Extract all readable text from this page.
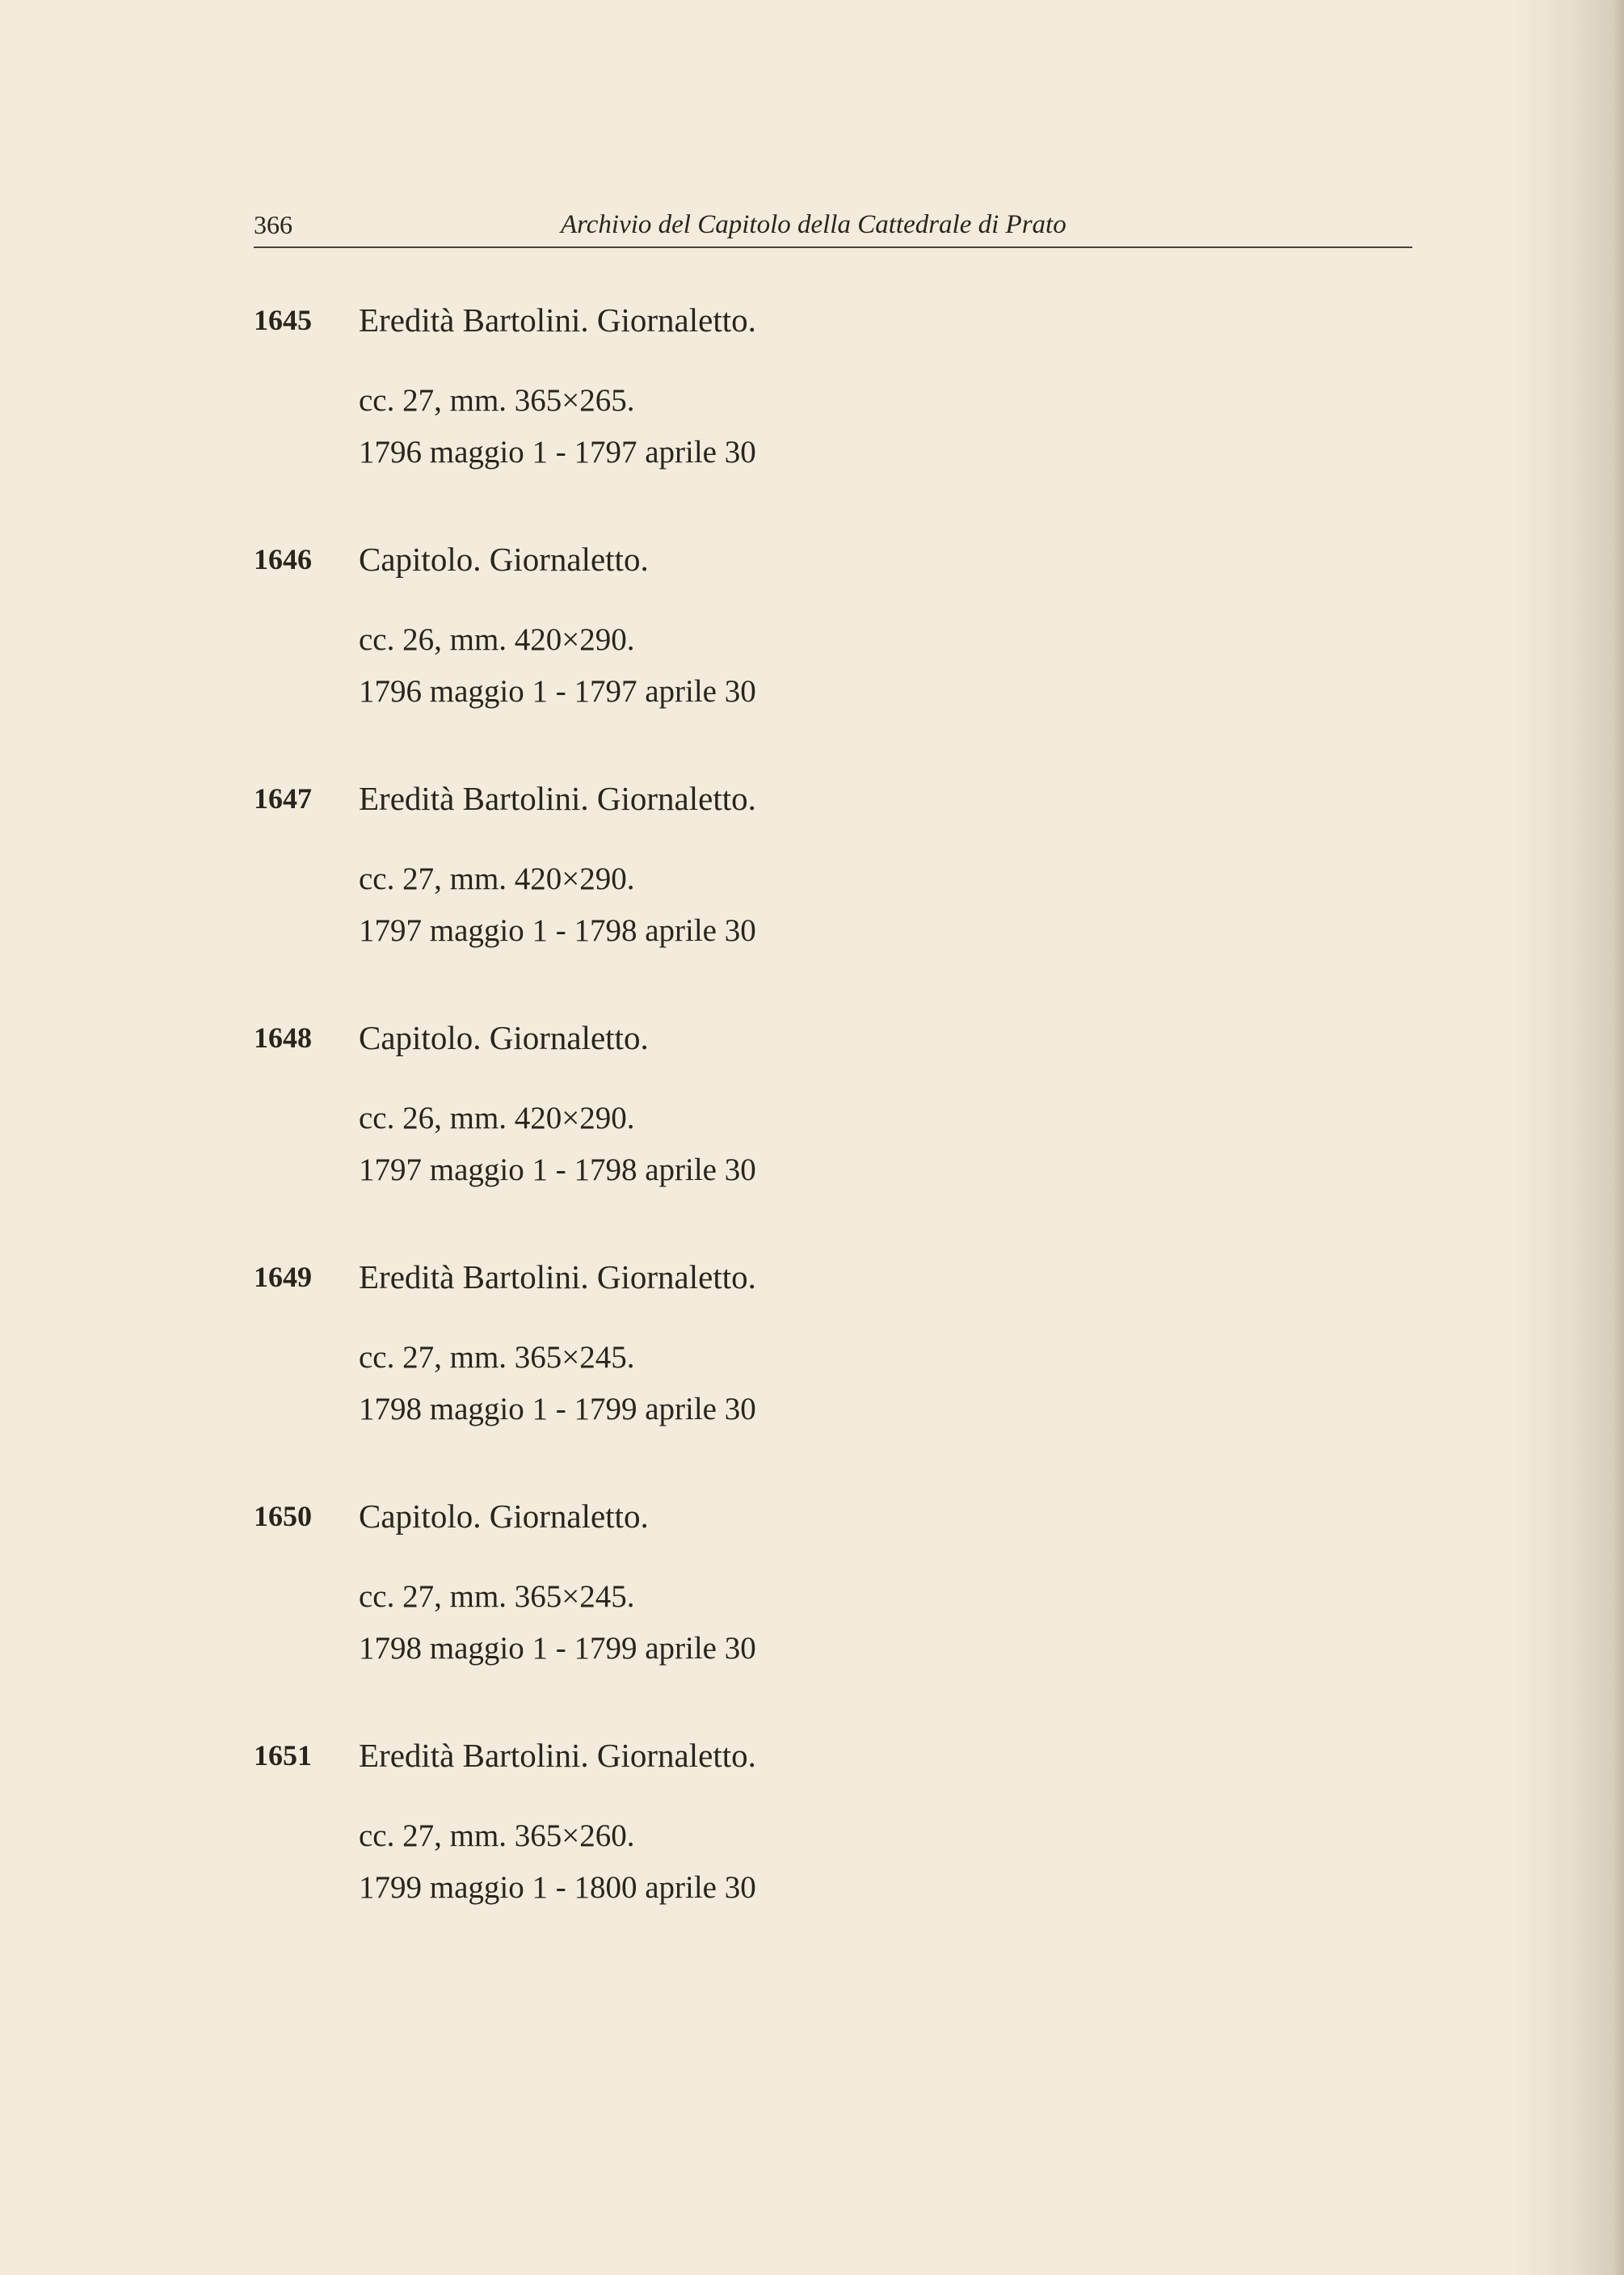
366	Archivio del Capitolo della Cattedrale di Prato
1645 Eredità Bartolini. Giornaletto.
cc. 27, mm. 365×265.
1796 maggio 1 - 1797 aprile 30
1646 Capitolo. Giornaletto.
cc. 26, mm. 420×290.
1796 maggio 1 - 1797 aprile 30
1647 Eredità Bartolini. Giornaletto.
cc. 27, mm. 420×290.
1797 maggio 1 - 1798 aprile 30
1648 Capitolo. Giornaletto.
cc. 26, mm. 420×290.
1797 maggio 1 - 1798 aprile 30
1649 Eredità Bartolini. Giornaletto.
cc. 27, mm. 365×245.
1798 maggio 1 - 1799 aprile 30
1650 Capitolo. Giornaletto.
cc. 27, mm. 365×245.
1798 maggio 1 - 1799 aprile 30
1651 Eredità Bartolini. Giornaletto.
cc. 27, mm. 365×260.
1799 maggio 1 - 1800 aprile 30
